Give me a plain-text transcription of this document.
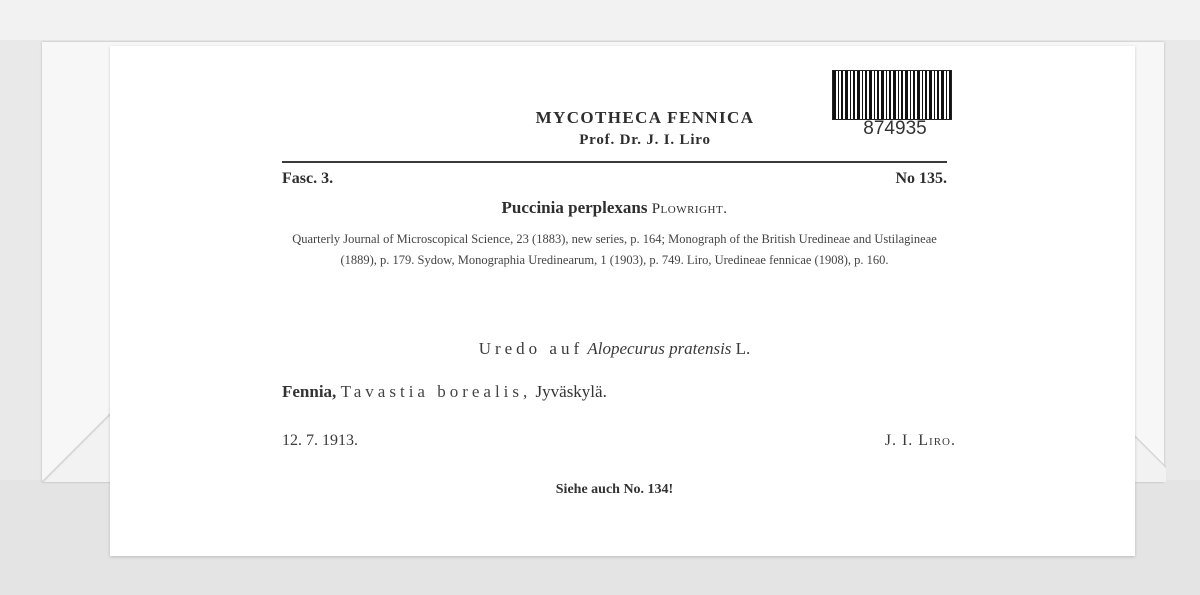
MYCOTHECA FENNICA
Prof. Dr. J. I. Liro
874935
Fasc. 3.	No 135.
Puccinia perplexans Plowright.
Quarterly Journal of Microscopical Science, 23 (1883), new series, p. 164; Monograph of the British Uredineae and Ustilagineae (1889), p. 179. Sydow, Monographia Uredinearum, 1 (1903), p. 749. Liro, Uredineae fennicae (1908), p. 160.
Uredo auf Alopecurus pratensis L.
Fennia, Tavastia borealis, Jyväskylä.
12. 7. 1913.	J. I. Liro.
Siehe auch No. 134!
